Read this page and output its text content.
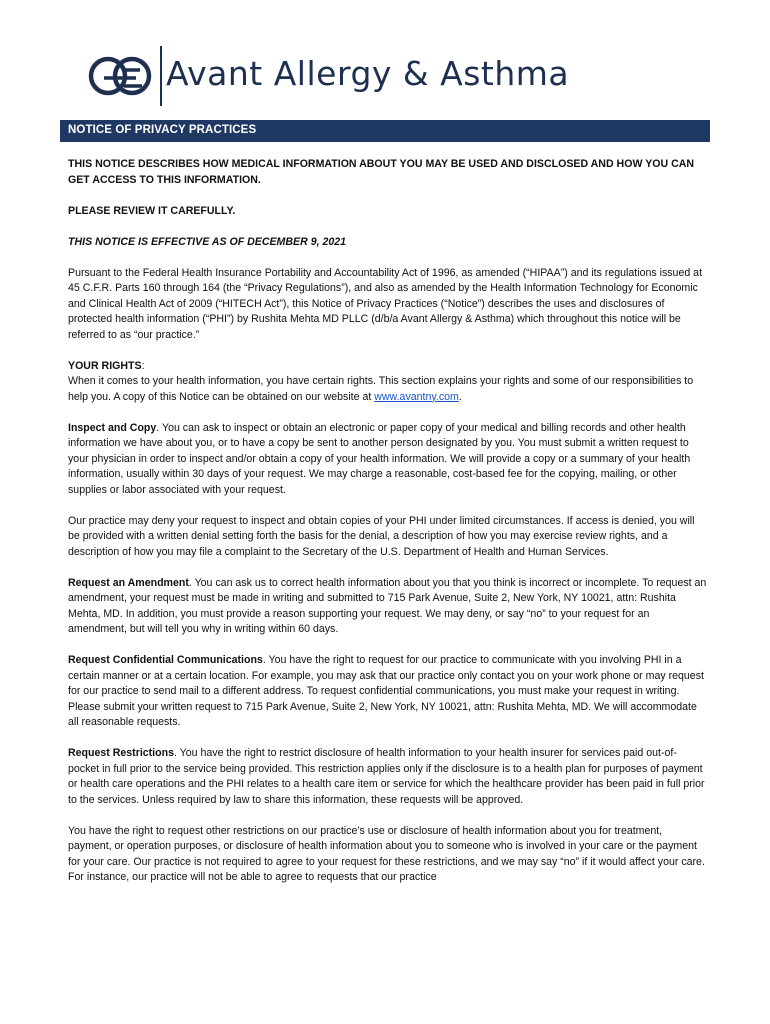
Avant Allergy & Asthma
NOTICE OF PRIVACY PRACTICES

THIS NOTICE DESCRIBES HOW MEDICAL INFORMATION ABOUT YOU MAY BE USED AND DISCLOSED AND HOW YOU CAN GET ACCESS TO THIS INFORMATION.

PLEASE REVIEW IT CAREFULLY.

THIS NOTICE IS EFFECTIVE AS OF DECEMBER 9, 2021

Pursuant to the Federal Health Insurance Portability and Accountability Act of 1996, as amended (“HIPAA”) and its regulations issued at 45 C.F.R. Parts 160 through 164 (the “Privacy Regulations”), and also as amended by the Health Information Technology for Economic and Clinical Health Act of 2009 (“HITECH Act”), this Notice of Privacy Practices (“Notice”) describes the uses and disclosures of protected health information (“PHI”) by Rushita Mehta MD PLLC (d/b/a Avant Allergy & Asthma) which throughout this notice will be referred to as “our practice.”

YOUR RIGHTS:
When it comes to your health information, you have certain rights. This section explains your rights and some of our responsibilities to help you. A copy of this Notice can be obtained on our website at www.avantny.com.

Inspect and Copy. You can ask to inspect or obtain an electronic or paper copy of your medical and billing records and other health information we have about you, or to have a copy be sent to another person designated by you. You must submit a written request to your physician in order to inspect and/or obtain a copy of your health information. We will provide a copy or a summary of your health information, usually within 30 days of your request. We may charge a reasonable, cost-based fee for the copying, mailing, or other supplies or labor associated with your request.

Our practice may deny your request to inspect and obtain copies of your PHI under limited circumstances. If access is denied, you will be provided with a written denial setting forth the basis for the denial, a description of how you may exercise review rights, and a description of how you may file a complaint to the Secretary of the U.S. Department of Health and Human Services.

Request an Amendment. You can ask us to correct health information about you that you think is incorrect or incomplete. To request an amendment, your request must be made in writing and submitted to 715 Park Avenue, Suite 2, New York, NY 10021, attn: Rushita Mehta, MD. In addition, you must provide a reason supporting your request. We may deny, or say “no” to your request for an amendment, but will tell you why in writing within 60 days.

Request Confidential Communications. You have the right to request for our practice to communicate with you involving PHI in a certain manner or at a certain location. For example, you may ask that our practice only contact you on your work phone or may request for our practice to send mail to a different address. To request confidential communications, you must make your request in writing. Please submit your written request to 715 Park Avenue, Suite 2, New York, NY 10021, attn: Rushita Mehta, MD. We will accommodate all reasonable requests.

Request Restrictions. You have the right to restrict disclosure of health information to your health insurer for services paid out-of-pocket in full prior to the service being provided. This restriction applies only if the disclosure is to a health plan for purposes of payment or health care operations and the PHI relates to a health care item or service for which the healthcare provider has been paid in full prior to the services. Unless required by law to share this information, these requests will be approved.

You have the right to request other restrictions on our practice’s use or disclosure of health information about you for treatment, payment, or operation purposes, or disclosure of health information about you to someone who is involved in your care or the payment for your care. Our practice is not required to agree to your request for these restrictions, and we may say “no” if it would affect your care. For instance, our practice will not be able to agree to requests that our practice
